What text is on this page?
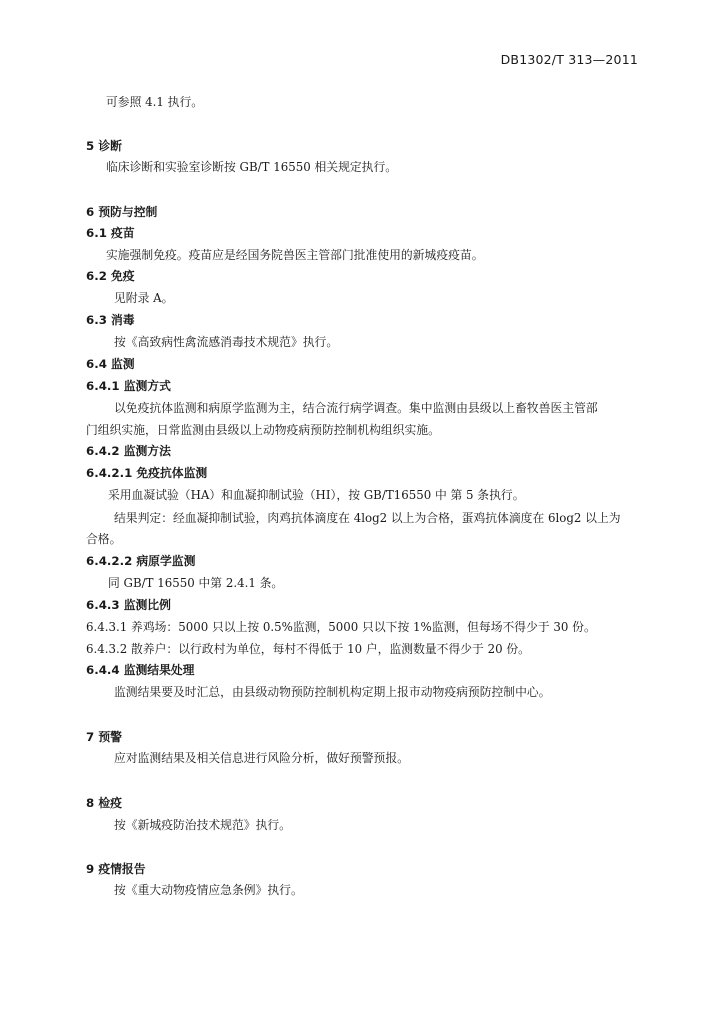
DB1302/T 313—2011
可参照 4.1 执行。
5 诊断
临床诊断和实验室诊断按 GB/T 16550 相关规定执行。
6 预防与控制
6.1 疫苗
实施强制免疫。疫苗应是经国务院兽医主管部门批准使用的新城疫疫苗。
6.2 免疫
见附录 A。
6.3 消毒
按《高致病性禽流感消毒技术规范》执行。
6.4 监测
6.4.1 监测方式
以免疫抗体监测和病原学监测为主，结合流行病学调查。集中监测由县级以上畜牧兽医主管部
门组织实施，日常监测由县级以上动物疫病预防控制机构组织实施。
6.4.2 监测方法
6.4.2.1 免疫抗体监测
采用血凝试验（HA）和血凝抑制试验（HI），按 GB/T16550 中 第 5 条执行。
结果判定：经血凝抑制试验，肉鸡抗体滴度在 4log2 以上为合格，蛋鸡抗体滴度在 6log2 以上为
合格。
6.4.2.2 病原学监测
同 GB/T 16550 中第 2.4.1 条。
6.4.3 监测比例
6.4.3.1 养鸡场：5000 只以上按 0.5%监测，5000 只以下按 1%监测，但每场不得少于 30 份。
6.4.3.2 散养户：以行政村为单位，每村不得低于 10 户，监测数量不得少于 20 份。
6.4.4 监测结果处理
监测结果要及时汇总，由县级动物预防控制机构定期上报市动物疫病预防控制中心。
7 预警
应对监测结果及相关信息进行风险分析，做好预警预报。
8 检疫
按《新城疫防治技术规范》执行。
9 疫情报告
按《重大动物疫情应急条例》执行。
